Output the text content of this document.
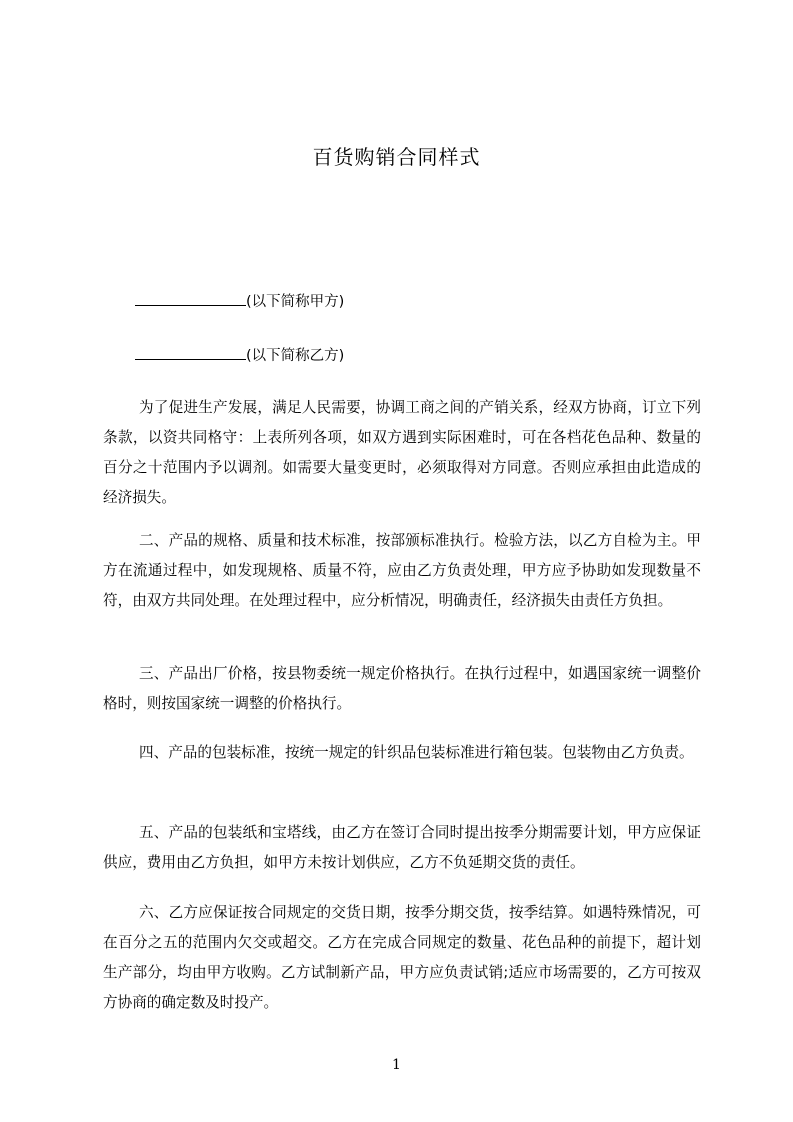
百货购销合同样式
(以下简称甲方)
(以下简称乙方)
为了促进生产发展，满足人民需要，协调工商之间的产销关系，经双方协商，订立下列条款，以资共同格守：上表所列各项，如双方遇到实际困难时，可在各档花色品种、数量的百分之十范围内予以调剂。如需要大量变更时，必须取得对方同意。否则应承担由此造成的经济损失。
二、产品的规格、质量和技术标准，按部颁标准执行。检验方法，以乙方自检为主。甲方在流通过程中，如发现规格、质量不符，应由乙方负责处理，甲方应予协助如发现数量不符，由双方共同处理。在处理过程中，应分析情况，明确责任，经济损失由责任方负担。
三、产品出厂价格，按县物委统一规定价格执行。在执行过程中，如遇国家统一调整价格时，则按国家统一调整的价格执行。
四、产品的包装标准，按统一规定的针织品包装标准进行箱包装。包装物由乙方负责。
五、产品的包装纸和宝塔线，由乙方在签订合同时提出按季分期需要计划，甲方应保证供应，费用由乙方负担，如甲方未按计划供应，乙方不负延期交货的责任。
六、乙方应保证按合同规定的交货日期，按季分期交货，按季结算。如遇特殊情况，可在百分之五的范围内欠交或超交。乙方在完成合同规定的数量、花色品种的前提下，超计划生产部分，均由甲方收购。乙方试制新产品，甲方应负责试销;适应市场需要的，乙方可按双方协商的确定数及时投产。
1
